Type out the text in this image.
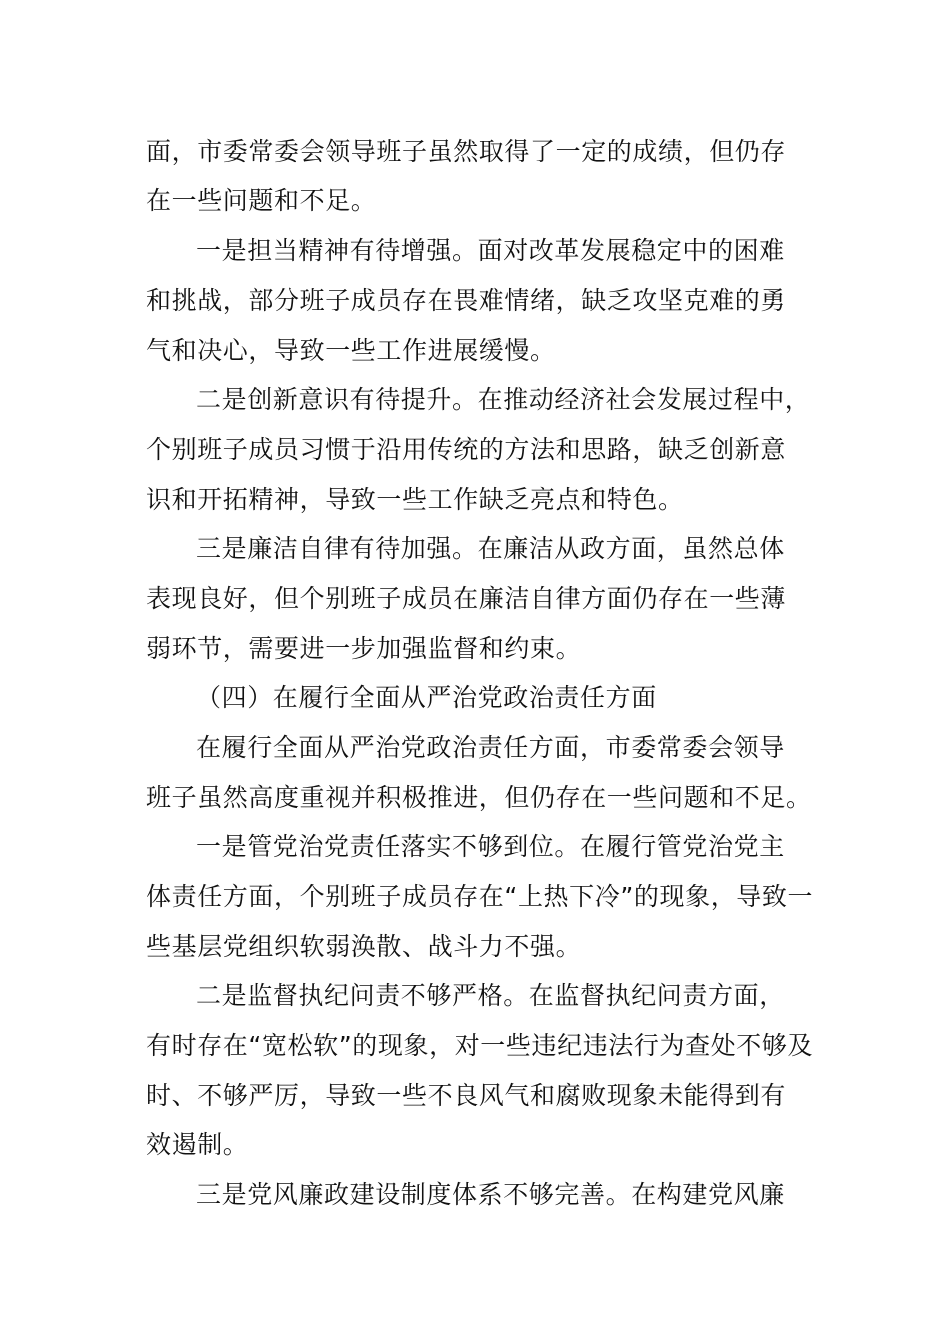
面，市委常委会领导班子虽然取得了一定的成绩，但仍存
在一些问题和不足。
一是担当精神有待增强。面对改革发展稳定中的困难
和挑战，部分班子成员存在畏难情绪，缺乏攻坚克难的勇
气和决心，导致一些工作进展缓慢。
二是创新意识有待提升。在推动经济社会发展过程中，
个别班子成员习惯于沿用传统的方法和思路，缺乏创新意
识和开拓精神，导致一些工作缺乏亮点和特色。
三是廉洁自律有待加强。在廉洁从政方面，虽然总体
表现良好，但个别班子成员在廉洁自律方面仍存在一些薄
弱环节，需要进一步加强监督和约束。
（四）在履行全面从严治党政治责任方面
在履行全面从严治党政治责任方面，市委常委会领导
班子虽然高度重视并积极推进，但仍存在一些问题和不足。
一是管党治党责任落实不够到位。在履行管党治党主
体责任方面，个别班子成员存在“上热下冷”的现象，导致一
些基层党组织软弱涣散、战斗力不强。
二是监督执纪问责不够严格。在监督执纪问责方面，
有时存在“宽松软”的现象，对一些违纪违法行为查处不够及
时、不够严厉，导致一些不良风气和腐败现象未能得到有
效遏制。
三是党风廉政建设制度体系不够完善。在构建党风廉
